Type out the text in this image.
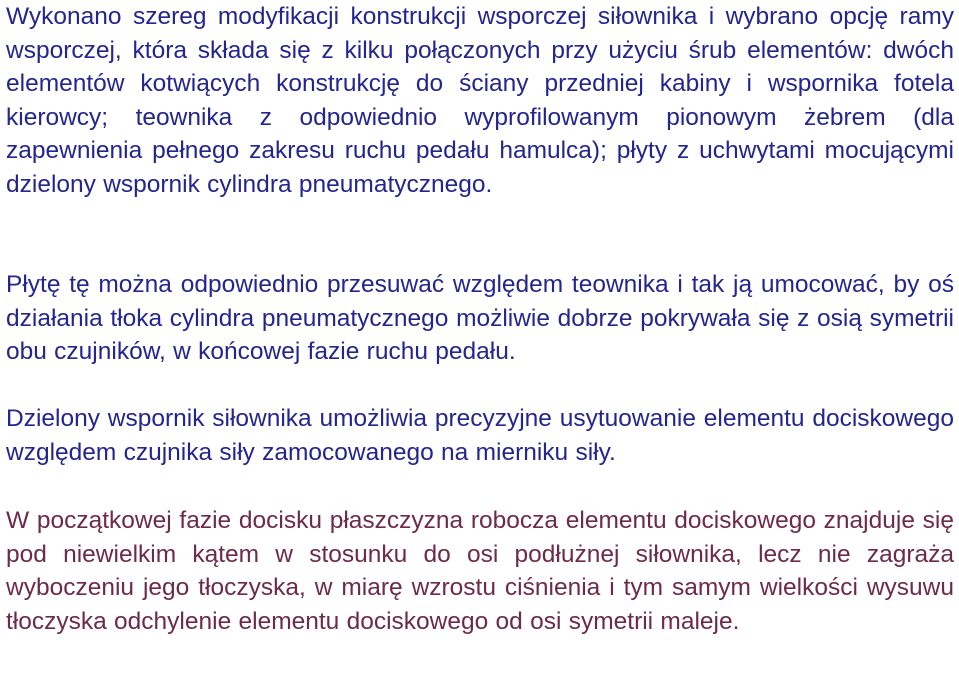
Wykonano szereg modyfikacji konstrukcji wsporczej siłownika i wybrano opcję ramy wsporczej, która składa się z kilku połączonych przy użyciu śrub elementów: dwóch elementów kotwiących konstrukcję do ściany przedniej kabiny i wspornika fotela kierowcy; teownika z odpowiednio wyprofilowanym pionowym żebrem (dla zapewnienia pełnego zakresu ruchu pedału hamulca); płyty z uchwytami mocującymi dzielony wspornik cylindra pneumatycznego.

Płytę tę można odpowiednio przesuwać względem teownika i tak ją umocować, by oś działania tłoka cylindra pneumatycznego możliwie dobrze pokrywała się z osią symetrii obu czujników, w końcowej fazie ruchu pedału.

Dzielony wspornik siłownika umożliwia precyzyjne usytuowanie elementu dociskowego względem czujnika siły zamocowanego na mierniku siły.

W początkowej fazie docisku płaszczyzna robocza elementu dociskowego znajduje się pod niewielkim kątem w stosunku do osi podłużnej siłownika, lecz nie zagraża wyboczeniu jego tłoczyska, w miarę wzrostu ciśnienia i tym samym wielkości wysuwu tłoczyska odchylenie elementu dociskowego od osi symetrii maleje.
